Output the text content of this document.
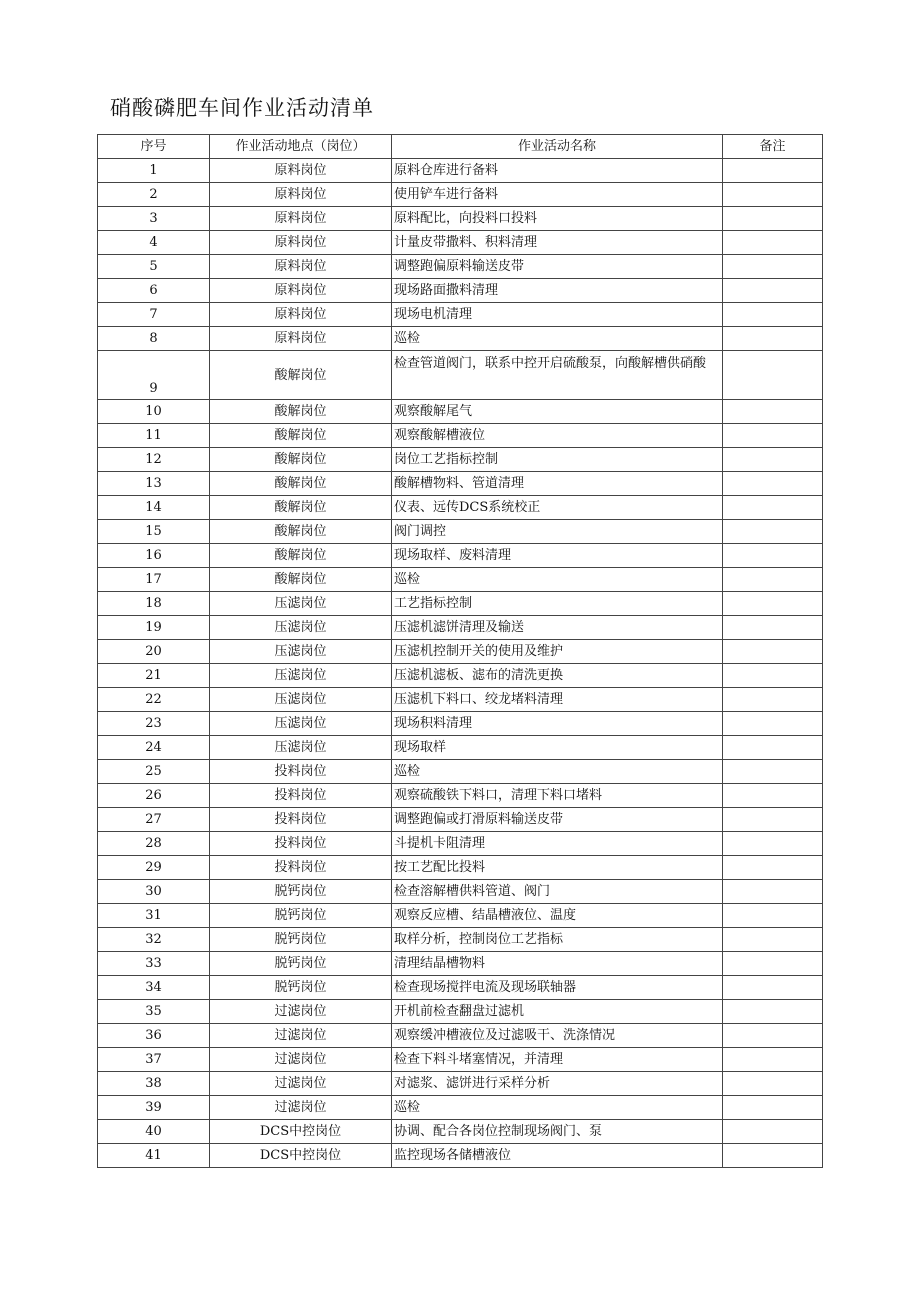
硝酸磷肥车间作业活动清单
序号	作业活动地点（岗位）	作业活动名称	备注
1	原料岗位	原料仓库进行备料	
2	原料岗位	使用铲车进行备料	
3	原料岗位	原料配比，向投料口投料	
4	原料岗位	计量皮带撒料、积料清理	
5	原料岗位	调整跑偏原料输送皮带	
6	原料岗位	现场路面撒料清理	
7	原料岗位	现场电机清理	
8	原料岗位	巡检	
9	酸解岗位	检查管道阀门，联系中控开启硫酸泵，向酸解槽供硝酸	
10	酸解岗位	观察酸解尾气	
11	酸解岗位	观察酸解槽液位	
12	酸解岗位	岗位工艺指标控制	
13	酸解岗位	酸解槽物料、管道清理	
14	酸解岗位	仪表、远传DCS系统校正	
15	酸解岗位	阀门调控	
16	酸解岗位	现场取样、废料清理	
17	酸解岗位	巡检	
18	压滤岗位	工艺指标控制	
19	压滤岗位	压滤机滤饼清理及输送	
20	压滤岗位	压滤机控制开关的使用及维护	
21	压滤岗位	压滤机滤板、滤布的清洗更换	
22	压滤岗位	压滤机下料口、绞龙堵料清理	
23	压滤岗位	现场积料清理	
24	压滤岗位	现场取样	
25	投料岗位	巡检	
26	投料岗位	观察硫酸铁下料口，清理下料口堵料	
27	投料岗位	调整跑偏或打滑原料输送皮带	
28	投料岗位	斗提机卡阻清理	
29	投料岗位	按工艺配比投料	
30	脱钙岗位	检查溶解槽供料管道、阀门	
31	脱钙岗位	观察反应槽、结晶槽液位、温度	
32	脱钙岗位	取样分析，控制岗位工艺指标	
33	脱钙岗位	清理结晶槽物料	
34	脱钙岗位	检查现场搅拌电流及现场联轴器	
35	过滤岗位	开机前检查翻盘过滤机	
36	过滤岗位	观察缓冲槽液位及过滤吸干、洗涤情况	
37	过滤岗位	检查下料斗堵塞情况，并清理	
38	过滤岗位	对滤浆、滤饼进行采样分析	
39	过滤岗位	巡检	
40	DCS中控岗位	协调、配合各岗位控制现场阀门、泵	
41	DCS中控岗位	监控现场各储槽液位	
